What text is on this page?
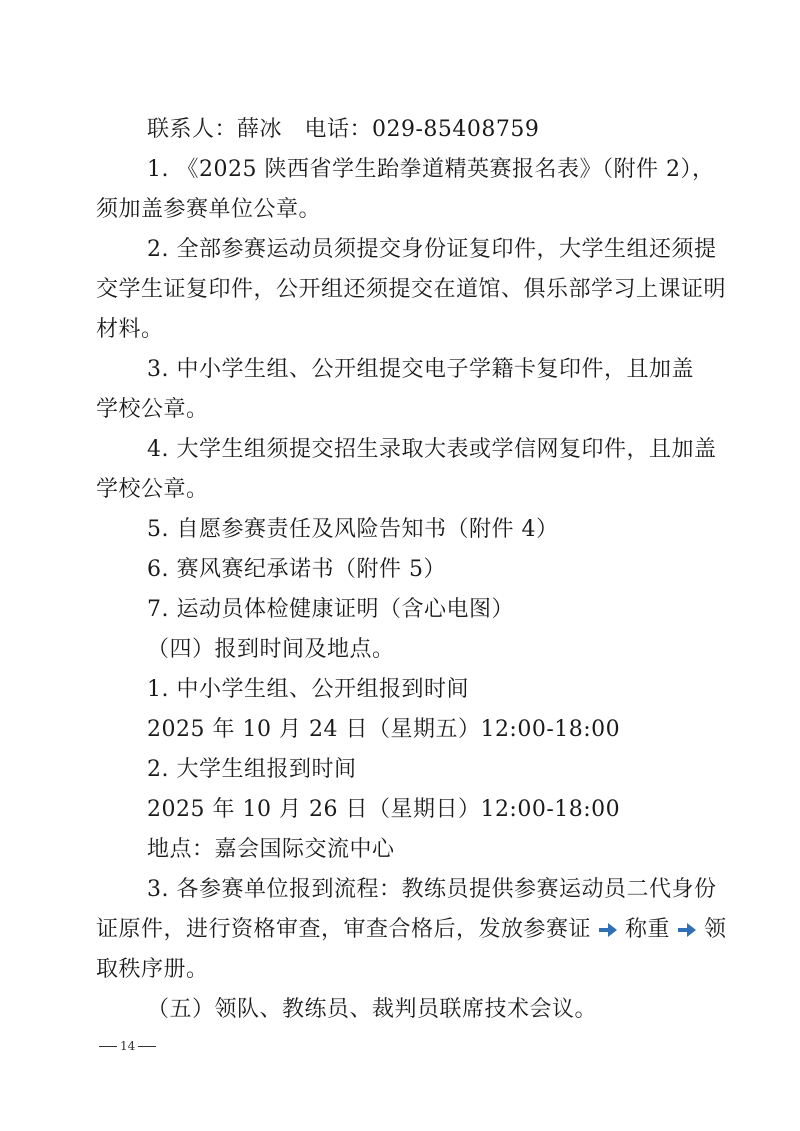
联系人：薛冰　电话：029-85408759
1. 《2025 陕西省学生跆拳道精英赛报名表》（附件 2），
须加盖参赛单位公章。
2. 全部参赛运动员须提交身份证复印件，大学生组还须提
交学生证复印件，公开组还须提交在道馆、俱乐部学习上课证明
材料。
3. 中小学生组、公开组提交电子学籍卡复印件，且加盖
学校公章。
4. 大学生组须提交招生录取大表或学信网复印件，且加盖
学校公章。
5. 自愿参赛责任及风险告知书（附件 4）
6. 赛风赛纪承诺书（附件 5）
7. 运动员体检健康证明（含心电图）
（四）报到时间及地点。
1. 中小学生组、公开组报到时间
2025 年 10 月 24 日（星期五）12:00-18:00
2. 大学生组报到时间
2025 年 10 月 26 日（星期日）12:00-18:00
地点：嘉会国际交流中心
3. 各参赛单位报到流程：教练员提供参赛运动员二代身份
证原件，进行资格审查，审查合格后，发放参赛证 称重 领
取秩序册。
（五）领队、教练员、裁判员联席技术会议。
14
